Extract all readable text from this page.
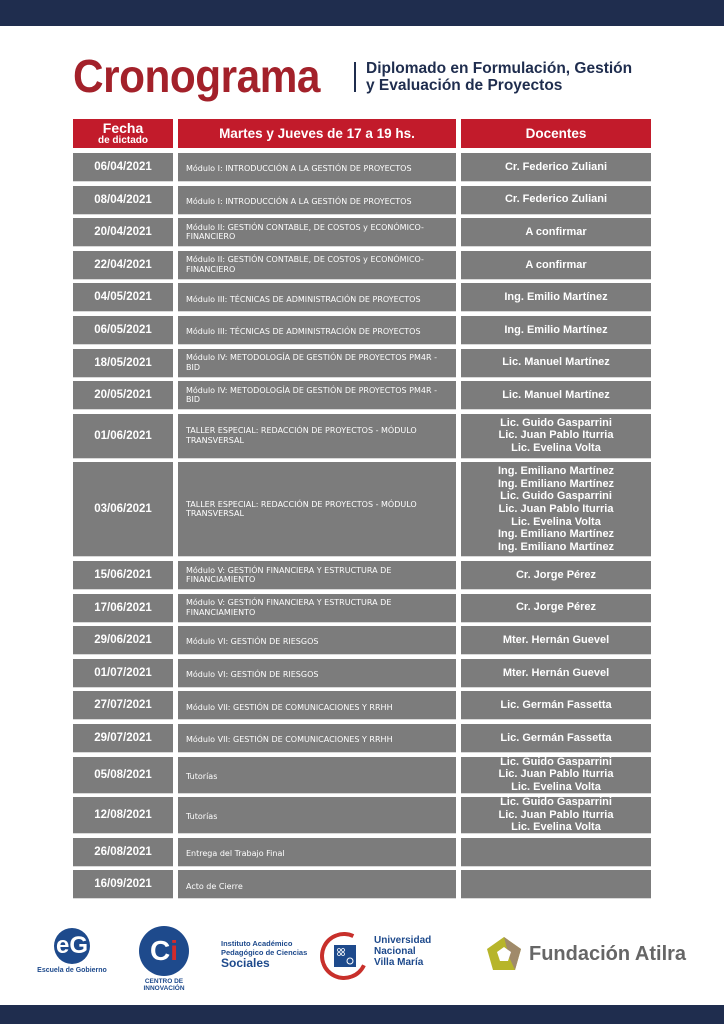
Cronograma	Diplomado en Formulación, Gestión
y Evaluación de Proyectos
Fecha
de dictado	Martes y Jueves de 17 a 19 hs.	Docentes
06/04/2021	Módulo I: INTRODUCCIÓN A LA GESTIÓN DE PROYECTOS	Cr. Federico Zuliani
08/04/2021	Módulo I: INTRODUCCIÓN A LA GESTIÓN DE PROYECTOS	Cr. Federico Zuliani
20/04/2021	Módulo II: GESTIÓN CONTABLE, DE COSTOS y ECONÓMICO-FINANCIERO	A confirmar
22/04/2021	Módulo II: GESTIÓN CONTABLE, DE COSTOS y ECONÓMICO-FINANCIERO	A confirmar
04/05/2021	Módulo III: TÉCNICAS DE ADMINISTRACIÓN DE PROYECTOS	Ing. Emilio Martínez
06/05/2021	Módulo III: TÉCNICAS DE ADMINISTRACIÓN DE PROYECTOS	Ing. Emilio Martínez
18/05/2021	Módulo IV: METODOLOGÍA DE GESTIÓN DE PROYECTOS PM4R - BID	Lic. Manuel Martínez
20/05/2021	Módulo IV: METODOLOGÍA DE GESTIÓN DE PROYECTOS PM4R - BID	Lic. Manuel Martínez
01/06/2021	TALLER ESPECIAL: REDACCIÓN DE PROYECTOS - MÓDULO TRANSVERSAL
Lic. Guido Gasparrini
Lic. Juan Pablo Iturria
Lic. Evelina Volta
03/06/2021	TALLER ESPECIAL: REDACCIÓN DE PROYECTOS - MÓDULO TRANSVERSAL
Ing. Emiliano Martínez
Ing. Emiliano Martínez
Lic. Guido Gasparrini
Lic. Juan Pablo Iturria
Lic. Evelina Volta
Ing. Emiliano Martínez
Ing. Emiliano Martínez
15/06/2021	Módulo V: GESTIÓN FINANCIERA Y ESTRUCTURA DE FINANCIAMIENTO	Cr. Jorge Pérez
17/06/2021	Módulo V: GESTIÓN FINANCIERA Y ESTRUCTURA DE FINANCIAMIENTO	Cr. Jorge Pérez
29/06/2021	Módulo VI: GESTIÓN DE RIESGOS	Mter. Hernán Guevel
01/07/2021	Módulo VI: GESTIÓN DE RIESGOS	Mter. Hernán Guevel
27/07/2021	Módulo VII: GESTIÓN DE COMUNICACIONES Y RRHH	Lic. Germán Fassetta
29/07/2021	Módulo VII: GESTIÓN DE COMUNICACIONES Y RRHH	Lic. Germán Fassetta
05/08/2021	Tutorías
Lic. Guido Gasparrini
Lic. Juan Pablo Iturria
Lic. Evelina Volta
12/08/2021	Tutorías
Lic. Guido Gasparrini
Lic. Juan Pablo Iturria
Lic. Evelina Volta
26/08/2021	Entrega del Trabajo Final
16/09/2021	Acto de Cierre
eG
Escuela de Gobierno
Ci
CENTRO DE INNOVACIÓN
Instituto Académico
Pedagógico de Ciencias
Sociales
Universidad
Nacional
Villa María	Fundación Atilra
